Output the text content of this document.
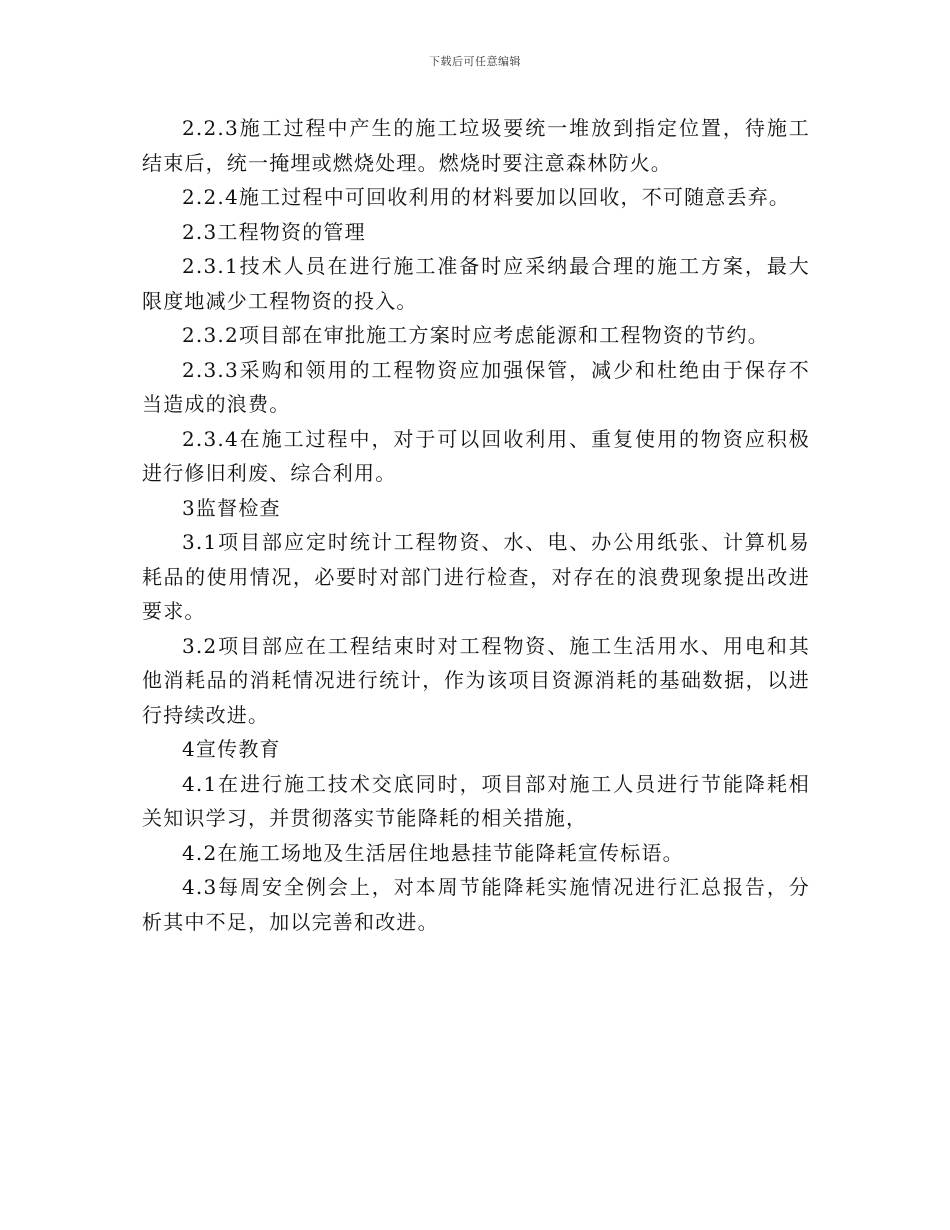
下载后可任意编辑

2.2.3施工过程中产生的施工垃圾要统一堆放到指定位置，待施工结束后，统一掩埋或燃烧处理。燃烧时要注意森林防火。

2.2.4施工过程中可回收利用的材料要加以回收，不可随意丢弃。

2.3工程物资的管理

2.3.1技术人员在进行施工准备时应采纳最合理的施工方案，最大限度地减少工程物资的投入。

2.3.2项目部在审批施工方案时应考虑能源和工程物资的节约。

2.3.3采购和领用的工程物资应加强保管，减少和杜绝由于保存不当造成的浪费。

2.3.4在施工过程中，对于可以回收利用、重复使用的物资应积极进行修旧利废、综合利用。

3监督检查

3.1项目部应定时统计工程物资、水、电、办公用纸张、计算机易耗品的使用情况，必要时对部门进行检查，对存在的浪费现象提出改进要求。

3.2项目部应在工程结束时对工程物资、施工生活用水、用电和其他消耗品的消耗情况进行统计，作为该项目资源消耗的基础数据，以进行持续改进。

4宣传教育

4.1在进行施工技术交底同时，项目部对施工人员进行节能降耗相关知识学习，并贯彻落实节能降耗的相关措施，

4.2在施工场地及生活居住地悬挂节能降耗宣传标语。

4.3每周安全例会上，对本周节能降耗实施情况进行汇总报告，分析其中不足，加以完善和改进。
